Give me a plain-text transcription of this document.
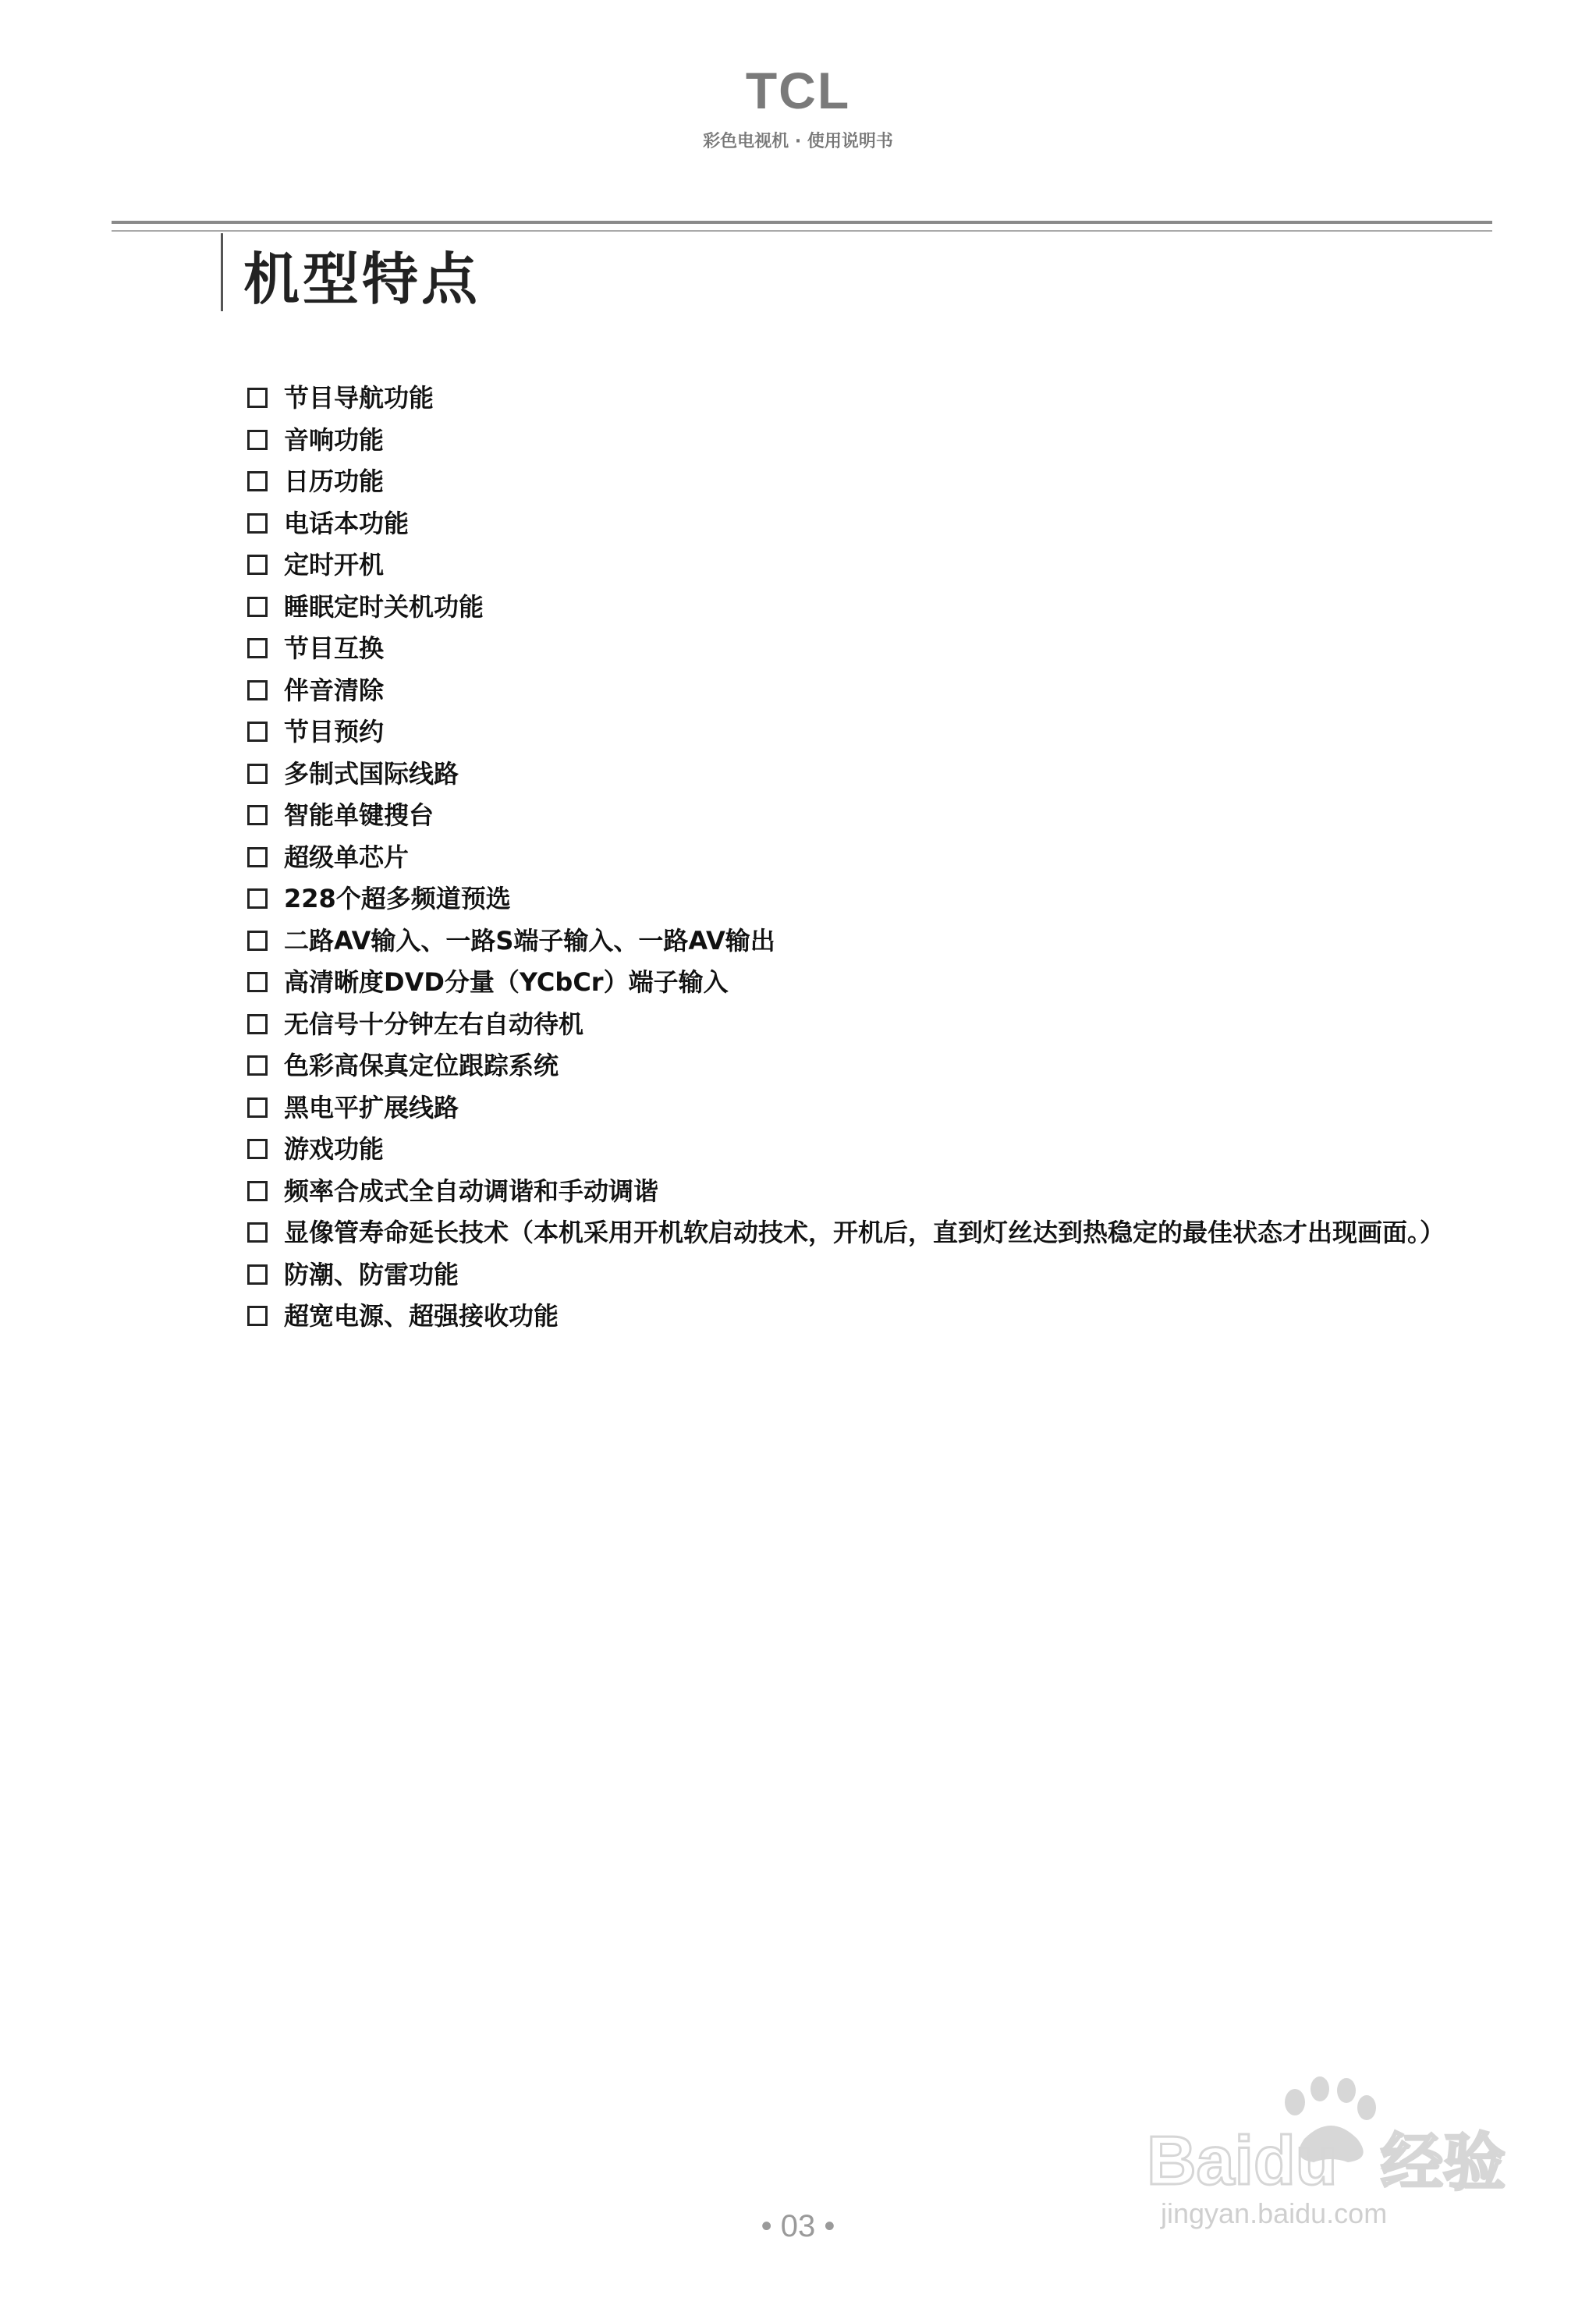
TCL
彩色电视机 · 使用说明书
机型特点
节目导航功能
音响功能
日历功能
电话本功能
定时开机
睡眠定时关机功能
节目互换
伴音清除
节目预约
多制式国际线路
智能单键搜台
超级单芯片
228个超多频道预选
二路AV输入、一路S端子输入、一路AV输出
高清晰度DVD分量（YCbCr）端子输入
无信号十分钟左右自动待机
色彩高保真定位跟踪系统
黑电平扩展线路
游戏功能
频率合成式全自动调谐和手动调谐
显像管寿命延长技术（本机采用开机软启动技术，开机后，直到灯丝达到热稳定的最佳状态才出现画面。）
防潮、防雷功能
超宽电源、超强接收功能
• 03 •
Baidu 经验
jingyan.baidu.com
